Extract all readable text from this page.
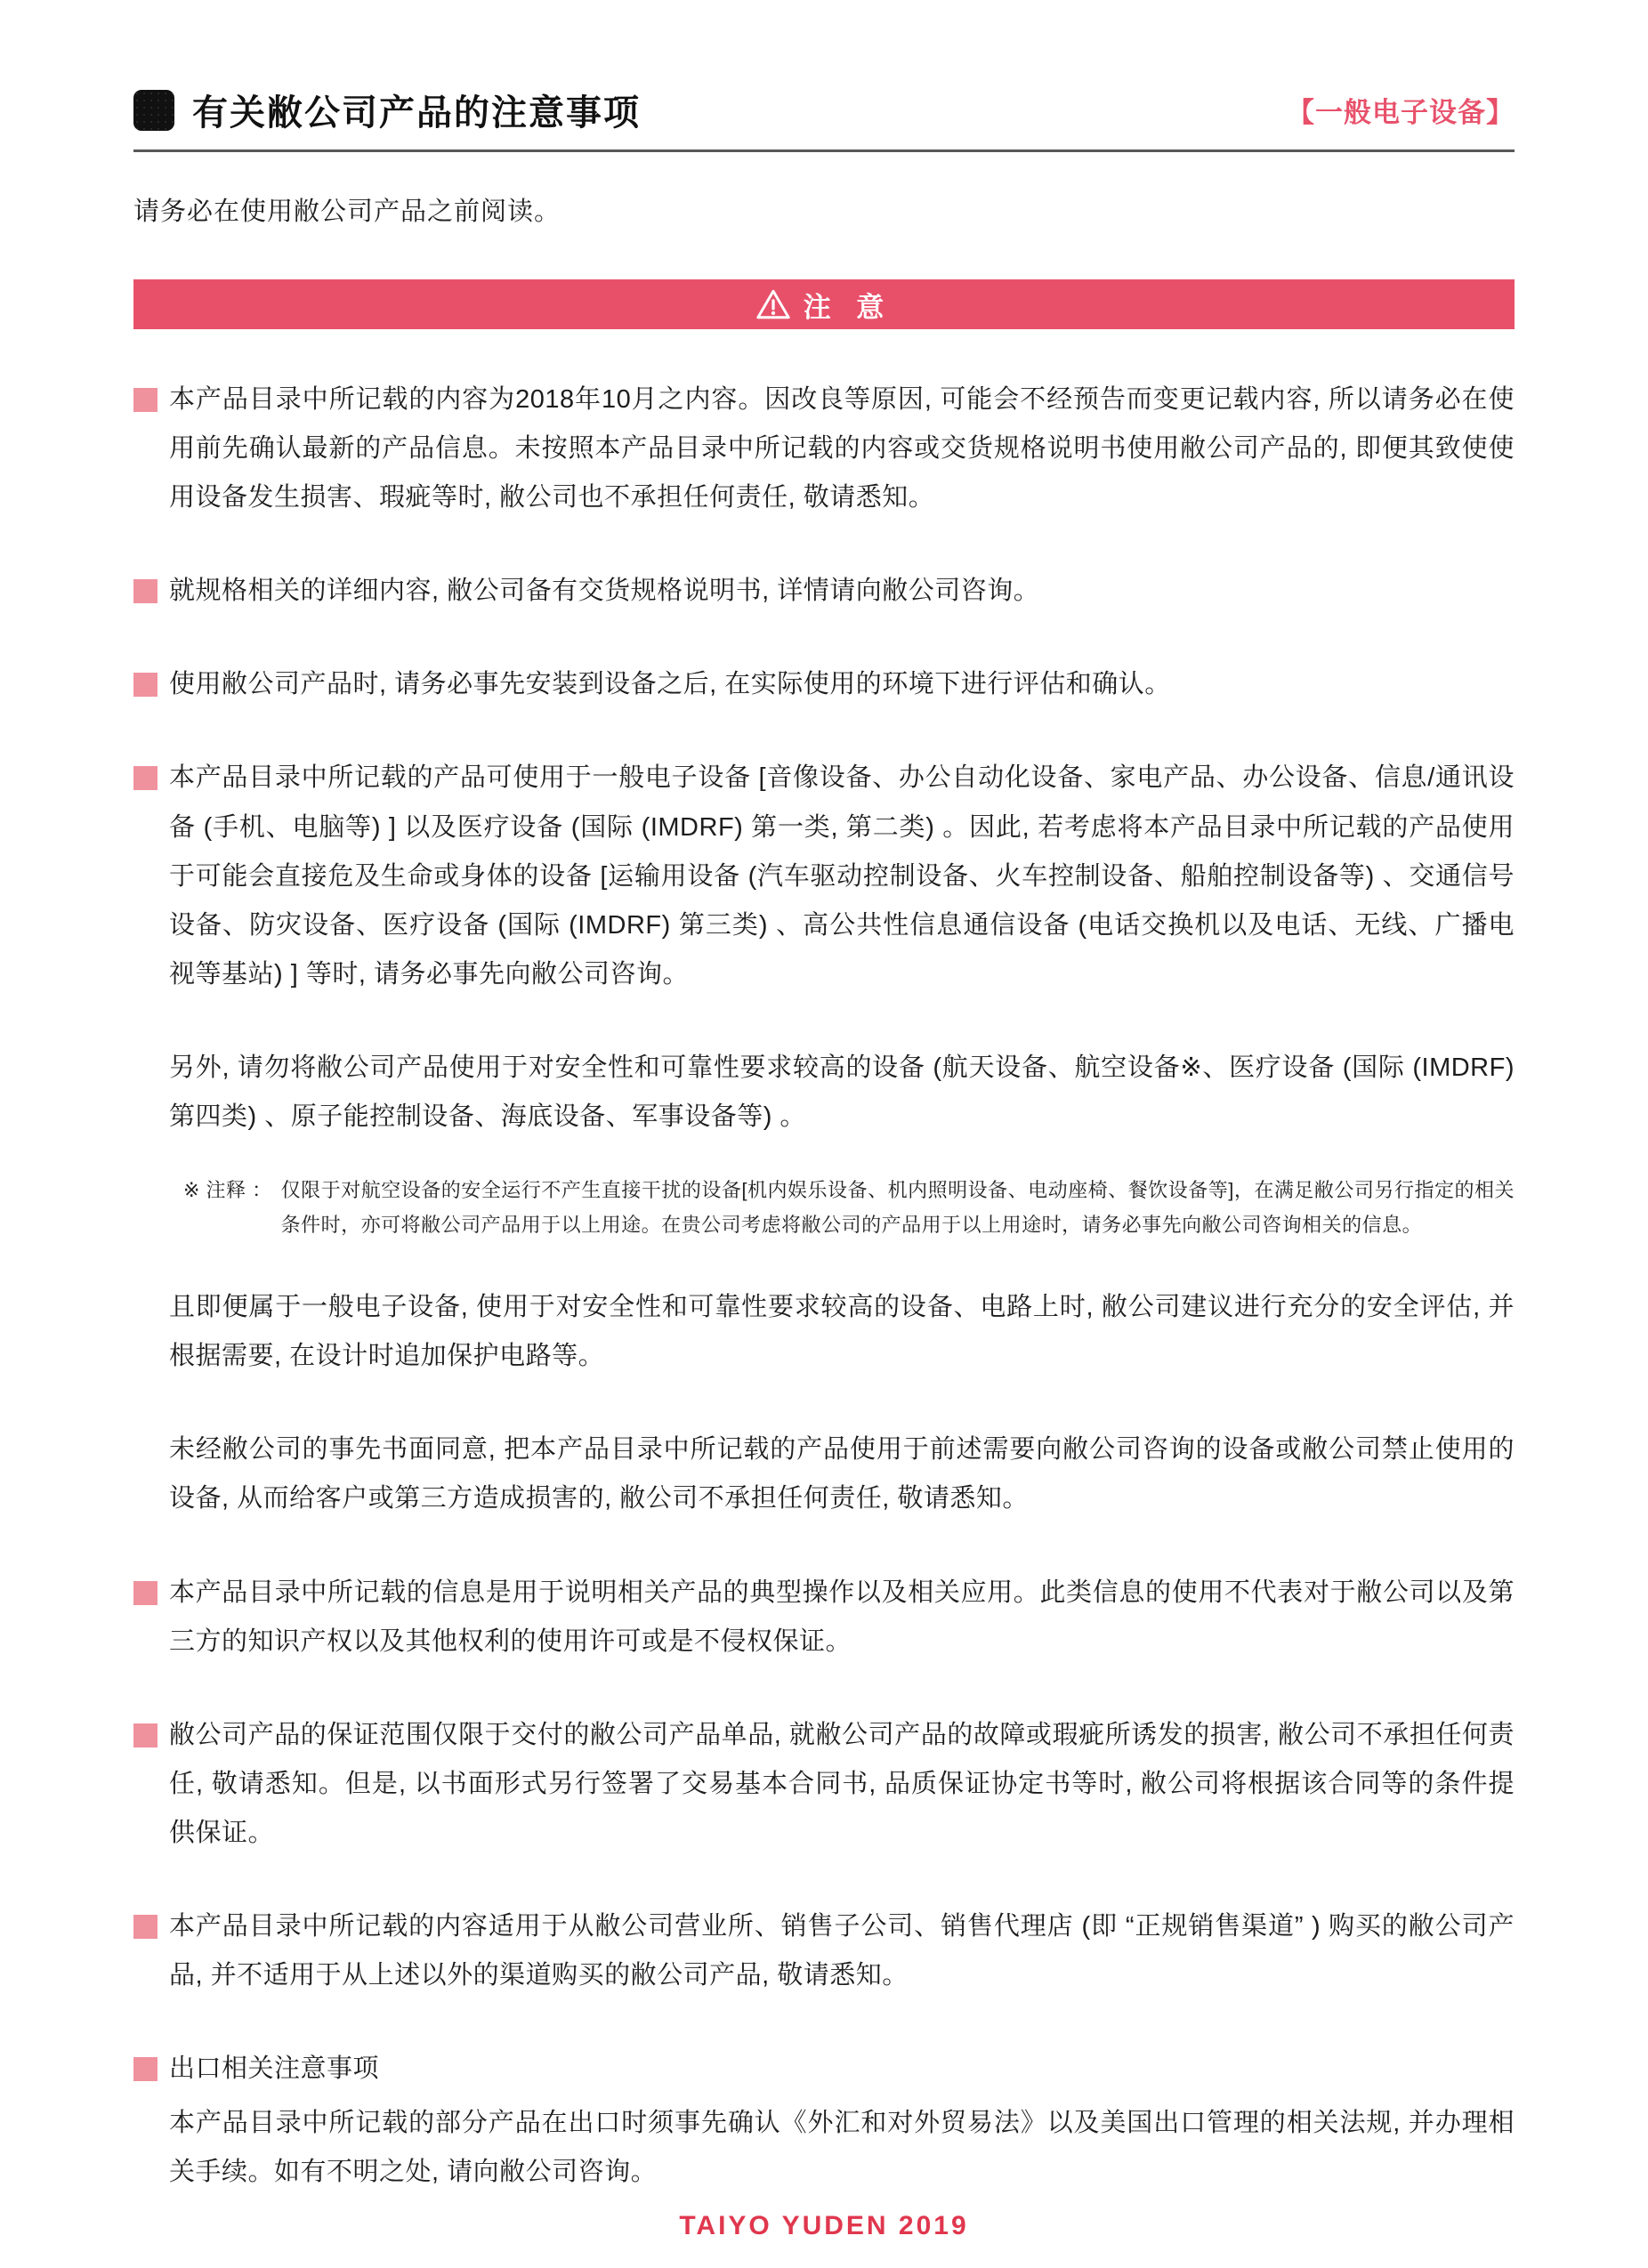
有关敝公司产品的注意事项	【一般电子设备】

请务必在使用敝公司产品之前阅读。

注 意
本产品目录中所记载的内容为2018年10月之内容。因改良等原因, 可能会不经预告而变更记载内容, 所以请务必在使用前先确认最新的产品信息。未按照本产品目录中所记载的内容或交货规格说明书使用敝公司产品的, 即便其致使使用设备发生损害、瑕疵等时, 敝公司也不承担任何责任, 敬请悉知。
就规格相关的详细内容, 敝公司备有交货规格说明书, 详情请向敝公司咨询。
使用敝公司产品时, 请务必事先安装到设备之后, 在实际使用的环境下进行评估和确认。
本产品目录中所记载的产品可使用于一般电子设备 [音像设备、办公自动化设备、家电产品、办公设备、信息/通讯设备 (手机、电脑等) ] 以及医疗设备 (国际 (IMDRF) 第一类, 第二类) 。因此, 若考虑将本产品目录中所记载的产品使用于可能会直接危及生命或身体的设备 [运输用设备 (汽车驱动控制设备、火车控制设备、船舶控制设备等) 、交通信号设备、防灾设备、医疗设备 (国际 (IMDRF) 第三类) 、高公共性信息通信设备 (电话交换机以及电话、无线、广播电视等基站) ] 等时, 请务必事先向敝公司咨询。
另外, 请勿将敝公司产品使用于对安全性和可靠性要求较高的设备 (航天设备、航空设备※、医疗设备 (国际 (IMDRF) 第四类) 、原子能控制设备、海底设备、军事设备等) 。
※ 注释 ： 仅限于对航空设备的安全运行不产生直接干扰的设备[机内娱乐设备、机内照明设备、电动座椅、餐饮设备等]，在满足敝公司另行指定的相关条件时，亦可将敝公司产品用于以上用途。在贵公司考虑将敝公司的产品用于以上用途时，请务必事先向敝公司咨询相关的信息。
且即便属于一般电子设备, 使用于对安全性和可靠性要求较高的设备、电路上时, 敝公司建议进行充分的安全评估, 并根据需要, 在设计时追加保护电路等。
未经敝公司的事先书面同意, 把本产品目录中所记载的产品使用于前述需要向敝公司咨询的设备或敝公司禁止使用的设备, 从而给客户或第三方造成损害的, 敝公司不承担任何责任, 敬请悉知。
本产品目录中所记载的信息是用于说明相关产品的典型操作以及相关应用。此类信息的使用不代表对于敝公司以及第三方的知识产权以及其他权利的使用许可或是不侵权保证。
敝公司产品的保证范围仅限于交付的敝公司产品单品, 就敝公司产品的故障或瑕疵所诱发的损害, 敝公司不承担任何责任, 敬请悉知。但是, 以书面形式另行签署了交易基本合同书, 品质保证协定书等时, 敝公司将根据该合同等的条件提供保证。
本产品目录中所记载的内容适用于从敝公司营业所、销售子公司、销售代理店 (即 “正规销售渠道” ) 购买的敝公司产品, 并不适用于从上述以外的渠道购买的敝公司产品, 敬请悉知。
出口相关注意事项
本产品目录中所记载的部分产品在出口时须事先确认《外汇和对外贸易法》以及美国出口管理的相关法规, 并办理相关手续。如有不明之处, 请向敝公司咨询。
TAIYO YUDEN 2019
